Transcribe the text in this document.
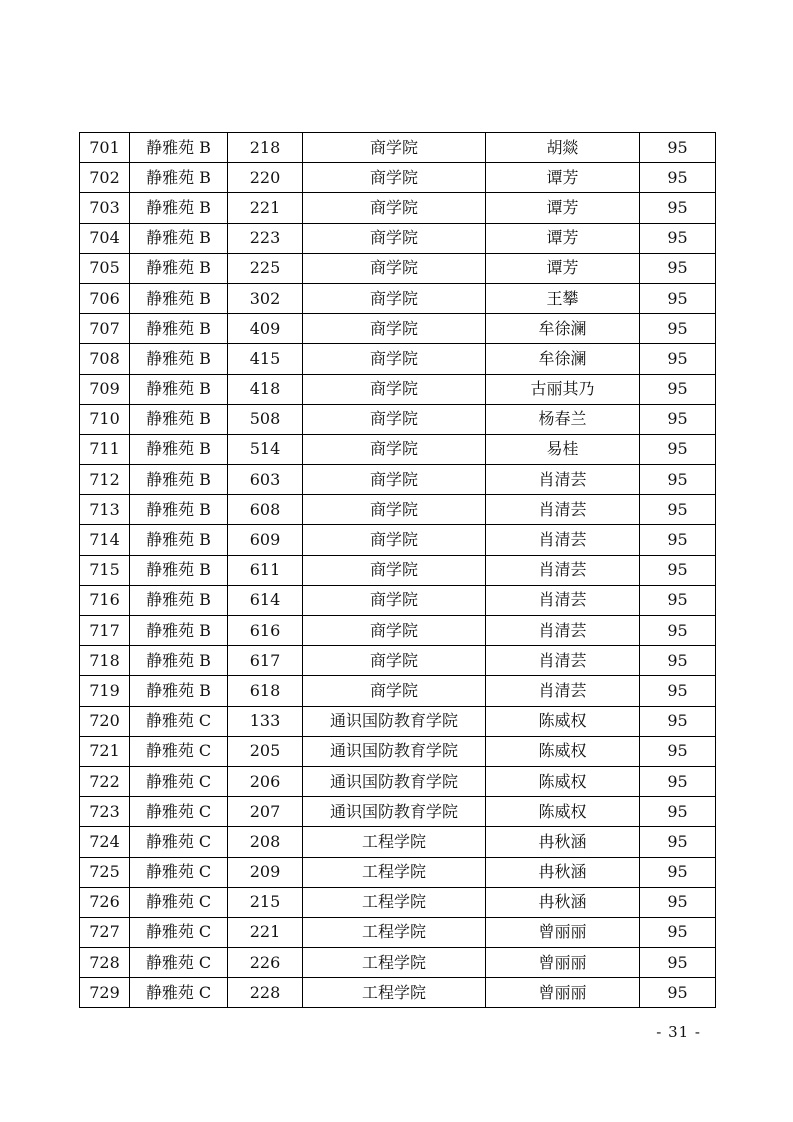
701	静雅苑 B	218	商学院	胡燚	95
702	静雅苑 B	220	商学院	谭芳	95
703	静雅苑 B	221	商学院	谭芳	95
704	静雅苑 B	223	商学院	谭芳	95
705	静雅苑 B	225	商学院	谭芳	95
706	静雅苑 B	302	商学院	王攀	95
707	静雅苑 B	409	商学院	牟徐澜	95
708	静雅苑 B	415	商学院	牟徐澜	95
709	静雅苑 B	418	商学院	古丽其乃	95
710	静雅苑 B	508	商学院	杨春兰	95
711	静雅苑 B	514	商学院	易桂	95
712	静雅苑 B	603	商学院	肖清芸	95
713	静雅苑 B	608	商学院	肖清芸	95
714	静雅苑 B	609	商学院	肖清芸	95
715	静雅苑 B	611	商学院	肖清芸	95
716	静雅苑 B	614	商学院	肖清芸	95
717	静雅苑 B	616	商学院	肖清芸	95
718	静雅苑 B	617	商学院	肖清芸	95
719	静雅苑 B	618	商学院	肖清芸	95
720	静雅苑 C	133	通识国防教育学院	陈威权	95
721	静雅苑 C	205	通识国防教育学院	陈威权	95
722	静雅苑 C	206	通识国防教育学院	陈威权	95
723	静雅苑 C	207	通识国防教育学院	陈威权	95
724	静雅苑 C	208	工程学院	冉秋涵	95
725	静雅苑 C	209	工程学院	冉秋涵	95
726	静雅苑 C	215	工程学院	冉秋涵	95
727	静雅苑 C	221	工程学院	曾丽丽	95
728	静雅苑 C	226	工程学院	曾丽丽	95
729	静雅苑 C	228	工程学院	曾丽丽	95
- 31 -
